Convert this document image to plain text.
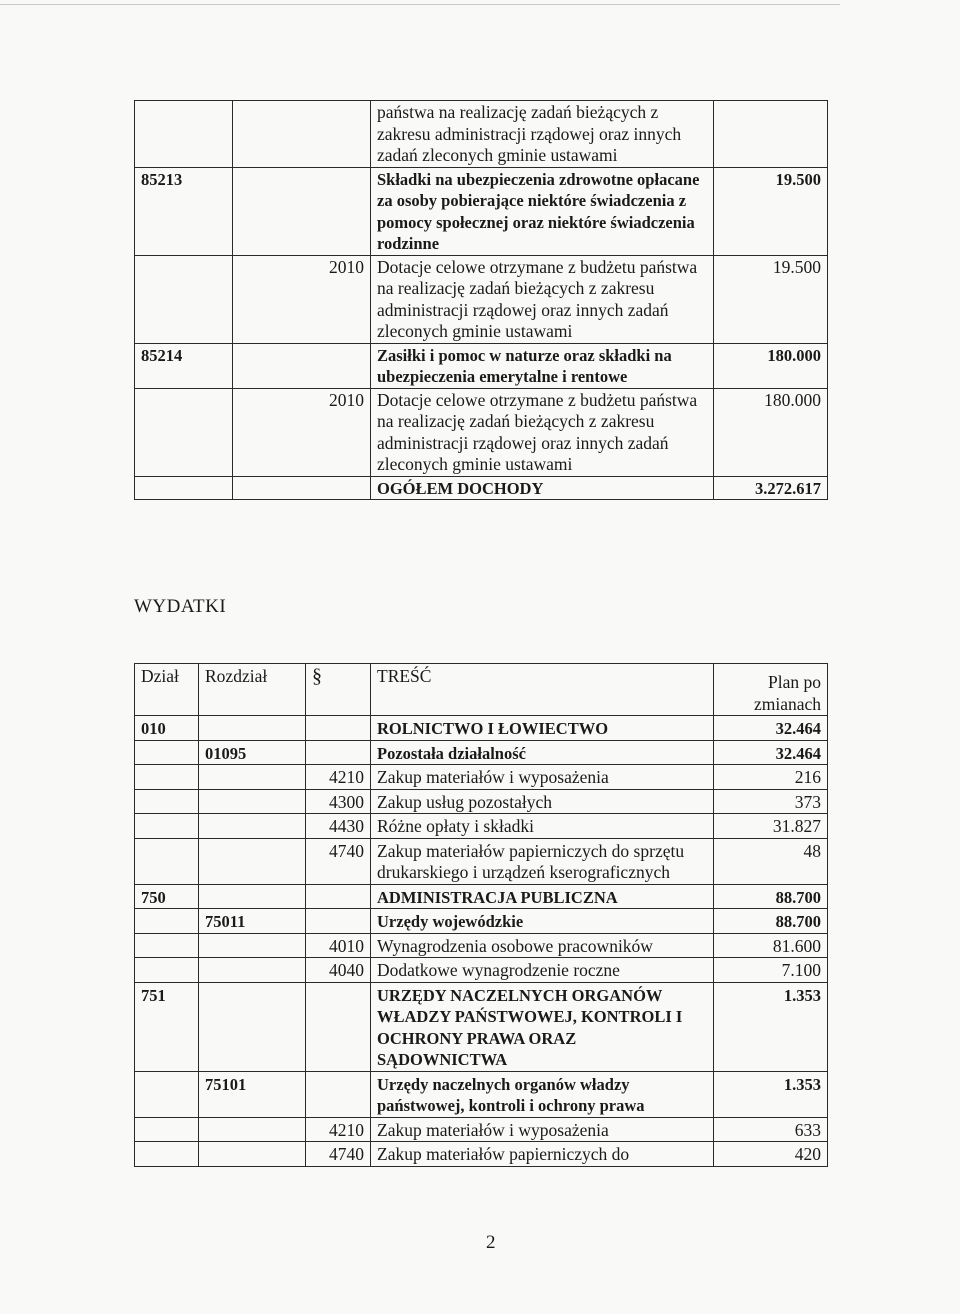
		państwa na realizację zadań bieżących z zakresu administracji rządowej oraz innych zadań zleconych gminie ustawami	
85213		Składki na ubezpieczenia zdrowotne opłacane za osoby pobierające niektóre świadczenia z pomocy społecznej oraz niektóre świadczenia rodzinne	19.500
	2010	Dotacje celowe otrzymane z budżetu państwa na realizację zadań bieżących z zakresu administracji rządowej oraz innych zadań zleconych gminie ustawami	19.500
85214		Zasiłki i pomoc w naturze oraz składki na ubezpieczenia emerytalne i rentowe	180.000
	2010	Dotacje celowe otrzymane z budżetu państwa na realizację zadań bieżących z zakresu administracji rządowej oraz innych zadań zleconych gminie ustawami	180.000
		OGÓŁEM DOCHODY	3.272.617
WYDATKI
Dział	Rozdział	§	TREŚĆ	Plan po zmianach
010			ROLNICTWO I ŁOWIECTWO	32.464
	01095		Pozostała działalność	32.464
		4210	Zakup materiałów i wyposażenia	216
		4300	Zakup usług pozostałych	373
		4430	Różne opłaty i składki	31.827
		4740	Zakup materiałów papierniczych do sprzętu drukarskiego i urządzeń kserograficznych	48
750			ADMINISTRACJA PUBLICZNA	88.700
	75011		Urzędy wojewódzkie	88.700
		4010	Wynagrodzenia osobowe pracowników	81.600
		4040	Dodatkowe wynagrodzenie roczne	7.100
751			URZĘDY NACZELNYCH ORGANÓW WŁADZY PAŃSTWOWEJ, KONTROLI I OCHRONY PRAWA ORAZ SĄDOWNICTWA	1.353
	75101		Urzędy naczelnych organów władzy państwowej, kontroli i ochrony prawa	1.353
		4210	Zakup materiałów i wyposażenia	633
		4740	Zakup materiałów papierniczych do	420
2
